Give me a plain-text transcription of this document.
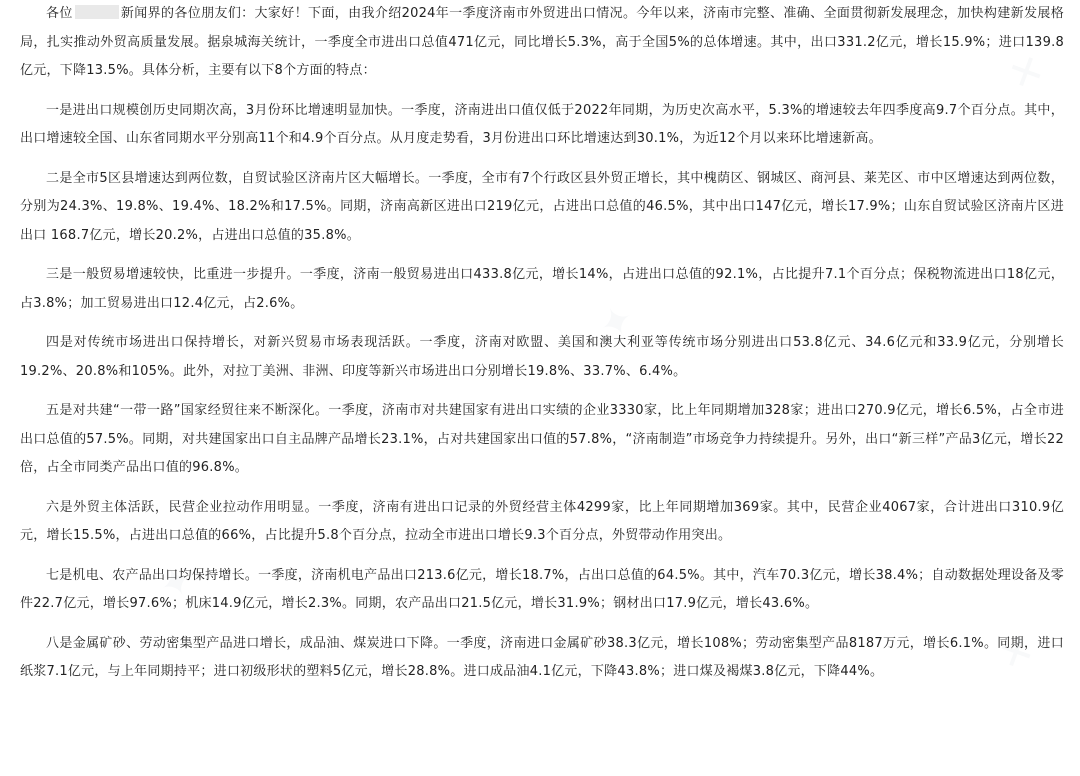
各位	新闻界的各位朋友们：大家好！下面，由我介绍2024年一季度济南市外贸进出口情况。今年以来，济南市完整、准确、全面贯彻新发展理念，加快构建新发展格局，扎实推动外贸高质量发展。据泉城海关统计，一季度全市进出口总值471亿元，同比增长5.3%，高于全国5%的总体增速。其中，出口331.2亿元，增长15.9%；进口139.8亿元，下降13.5%。具体分析，主要有以下8个方面的特点：

一是进出口规模创历史同期次高，3月份环比增速明显加快。一季度，济南进出口值仅低于2022年同期，为历史次高水平，5.3%的增速较去年四季度高9.7个百分点。其中，出口增速较全国、山东省同期水平分别高11个和4.9个百分点。从月度走势看，3月份进出口环比增速达到30.1%，为近12个月以来环比增速新高。

二是全市5区县增速达到两位数，自贸试验区济南片区大幅增长。一季度，全市有7个行政区县外贸正增长，其中槐荫区、钢城区、商河县、莱芜区、市中区增速达到两位数，分别为24.3%、19.8%、19.4%、18.2%和17.5%。同期，济南高新区进出口219亿元，占进出口总值的46.5%，其中出口147亿元，增长17.9%；山东自贸试验区济南片区进出口 168.7亿元，增长20.2%，占进出口总值的35.8%。

三是一般贸易增速较快，比重进一步提升。一季度，济南一般贸易进出口433.8亿元，增长14%，占进出口总值的92.1%，占比提升7.1个百分点；保税物流进出口18亿元，占3.8%；加工贸易进出口12.4亿元，占2.6%。

四是对传统市场进出口保持增长，对新兴贸易市场表现活跃。一季度，济南对欧盟、美国和澳大利亚等传统市场分别进出口53.8亿元、34.6亿元和33.9亿元，分别增长19.2%、20.8%和105%。此外，对拉丁美洲、非洲、印度等新兴市场进出口分别增长19.8%、33.7%、6.4%。

五是对共建“一带一路”国家经贸往来不断深化。一季度，济南市对共建国家有进出口实绩的企业3330家，比上年同期增加328家；进出口270.9亿元，增长6.5%，占全市进出口总值的57.5%。同期，对共建国家出口自主品牌产品增长23.1%，占对共建国家出口值的57.8%，“济南制造”市场竞争力持续提升。另外，出口“新三样”产品3亿元，增长22倍，占全市同类产品出口值的96.8%。

六是外贸主体活跃，民营企业拉动作用明显。一季度，济南有进出口记录的外贸经营主体4299家，比上年同期增加369家。其中，民营企业4067家，合计进出口310.9亿元，增长15.5%，占进出口总值的66%，占比提升5.8个百分点，拉动全市进出口增长9.3个百分点，外贸带动作用突出。

七是机电、农产品出口均保持增长。一季度，济南机电产品出口213.6亿元，增长18.7%，占出口总值的64.5%。其中，汽车70.3亿元，增长38.4%；自动数据处理设备及零件22.7亿元，增长97.6%；机床14.9亿元，增长2.3%。同期，农产品出口21.5亿元，增长31.9%；钢材出口17.9亿元，增长43.6%。

八是金属矿砂、劳动密集型产品进口增长，成品油、煤炭进口下降。一季度，济南进口金属矿砂38.3亿元，增长108%；劳动密集型产品8187万元，增长6.1%。同期，进口纸浆7.1亿元，与上年同期持平；进口初级形状的塑料5亿元，增长28.8%。进口成品油4.1亿元，下降43.8%；进口煤及褐煤3.8亿元，下降44%。

✕
✦
✕
✦
